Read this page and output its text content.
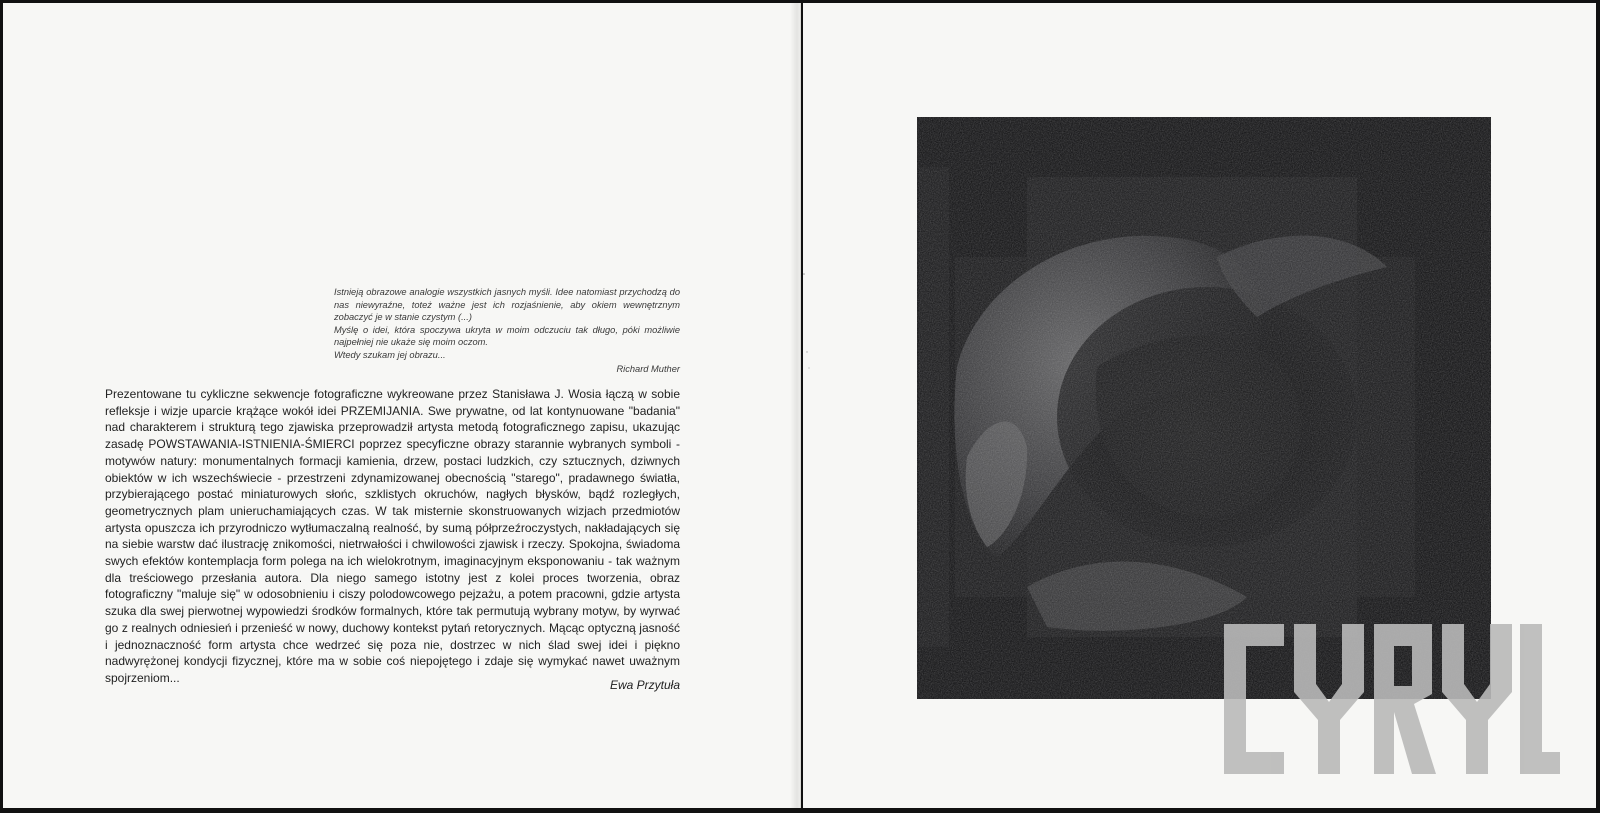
Istnieją obrazowe analogie wszystkich jasnych myśli. Idee natomiast przychodzą do nas niewyraźne, toteż ważne jest ich rozjaśnienie, aby okiem wewnętrznym zobaczyć je w stanie czystym (...)

Myślę o idei, która spoczywa ukryta w moim odczuciu tak długo, póki możliwie najpełniej nie ukaże się moim oczom.

Wtedy szukam jej obrazu...

Richard Muther

Prezentowane tu cykliczne sekwencje fotograficzne wykreowane przez Stanisława J. Wosia łączą w sobie refleksje i wizje uparcie krążące wokół idei PRZEMIJANIA. Swe prywatne, od lat kontynuowane "badania" nad charakterem i strukturą tego zjawiska przeprowadził artysta metodą fotograficznego zapisu, ukazując zasadę POWSTAWANIA-ISTNIENIA-ŚMIERCI poprzez specyficzne obrazy starannie wybranych symboli - motywów natury: monumentalnych formacji kamienia, drzew, postaci ludzkich, czy sztucznych, dziwnych obiektów w ich wszechświecie - przestrzeni zdynamizowanej obecnością "starego", pradawnego światła, przybierającego postać miniaturowych słońc, szklistych okruchów, nagłych błysków, bądź rozległych, geometrycznych plam unieruchamiających czas. W tak misternie skonstruowanych wizjach przedmiotów artysta opuszcza ich przyrodniczo wytłumaczalną realność, by sumą półprzeźroczystych, nakładających się na siebie warstw dać ilustrację znikomości, nietrwałości i chwilowości zjawisk i rzeczy. Spokojna, świadoma swych efektów kontemplacja form polega na ich wielokrotnym, imaginacyjnym eksponowaniu - tak ważnym dla treściowego przesłania autora. Dla niego samego istotny jest z kolei proces tworzenia, obraz fotograficzny "maluje się" w odosobnieniu i ciszy polodowcowego pejzażu, a potem pracowni, gdzie artysta szuka dla swej pierwotnej wypowiedzi środków formalnych, które tak permutują wybrany motyw, by wyrwać go z realnych odniesień i przenieść w nowy, duchowy kontekst pytań retorycznych. Mącąc optyczną jasność i jednoznaczność form artysta chce wedrzeć się poza nie, dostrzec w nich ślad swej idei i piękno nadwyrężonej kondycji fizycznej, które ma w sobie coś niepojętego i zdaje się wymykać nawet uważnym spojrzeniom...

Ewa Przytuła
